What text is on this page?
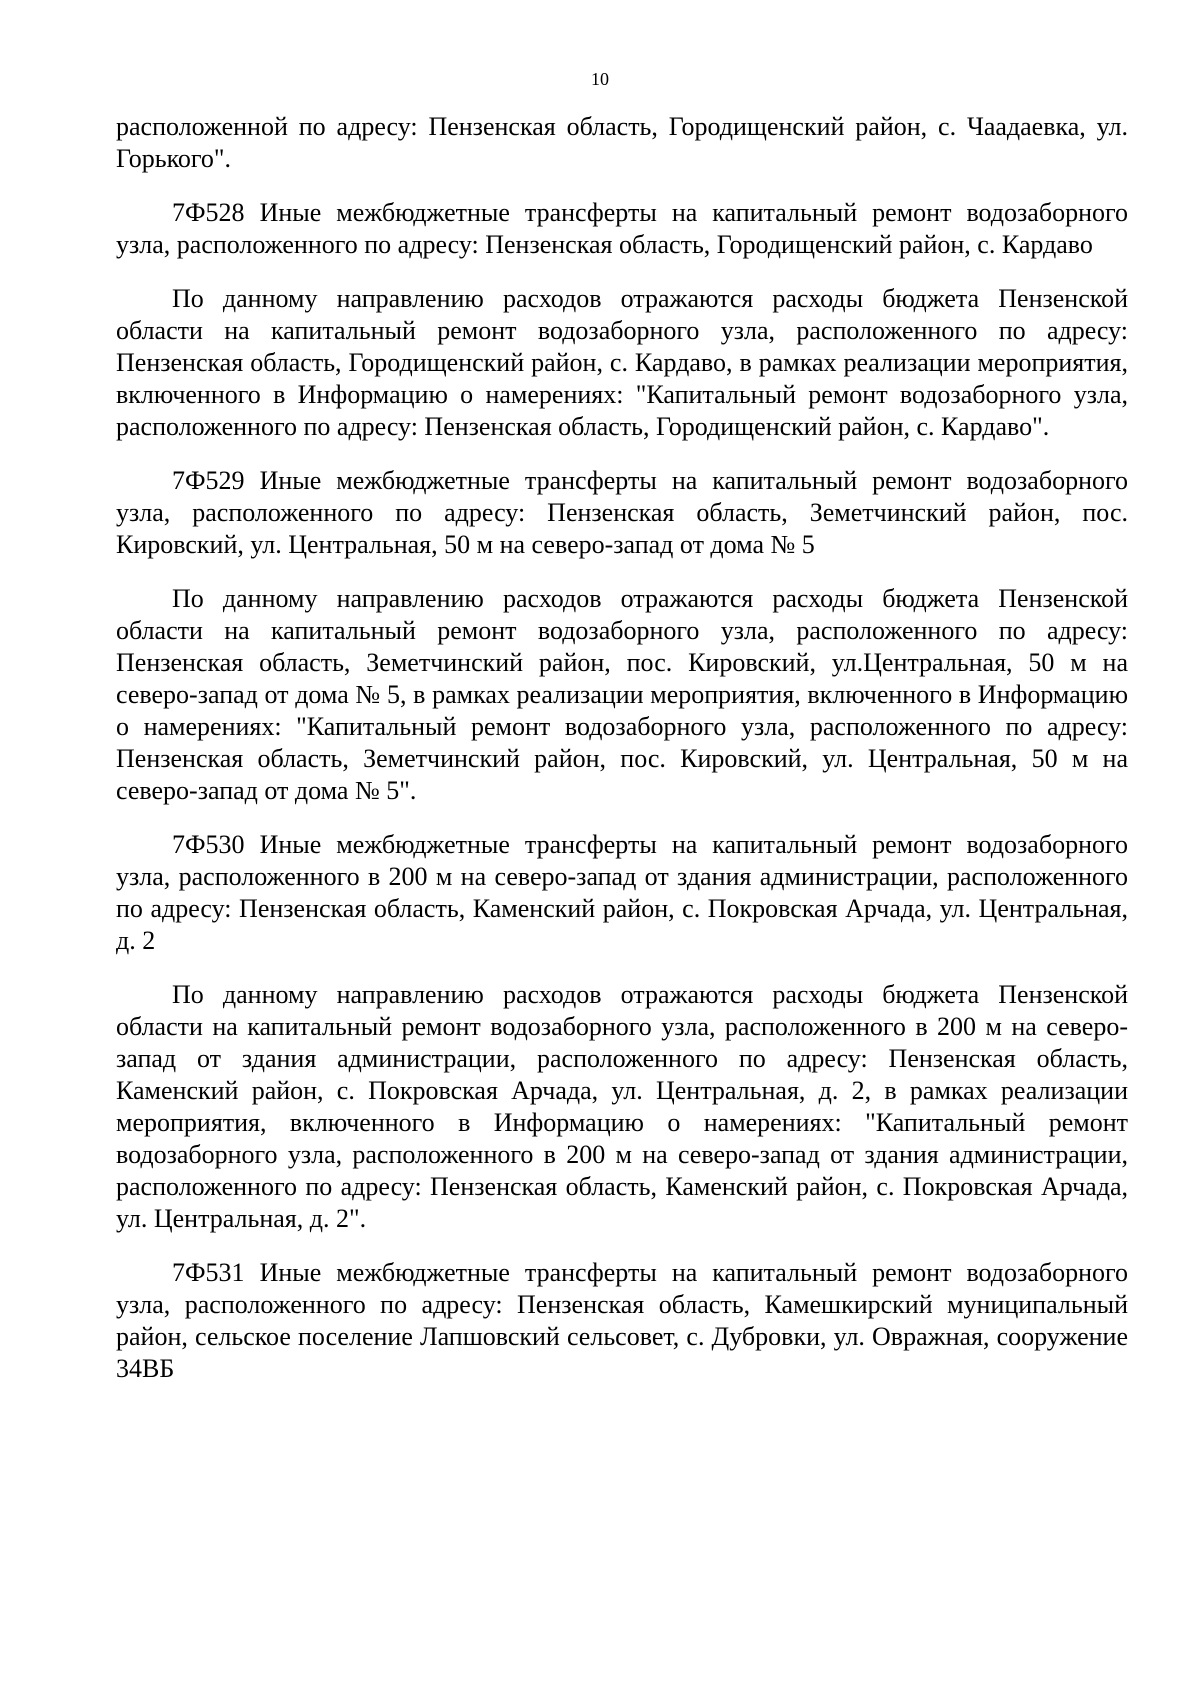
10

расположенной по адресу: Пензенская область, Городищенский район, с. Чаадаевка, ул. Горького".

7Ф528 Иные межбюджетные трансферты на капитальный ремонт водозаборного узла, расположенного по адресу: Пензенская область, Городищенский район, с. Кардаво

По данному направлению расходов отражаются расходы бюджета Пензенской области на капитальный ремонт водозаборного узла, расположенного по адресу: Пензенская область, Городищенский район, с. Кардаво, в рамках реализации мероприятия, включенного в Информацию о намерениях: "Капитальный ремонт водозаборного узла, расположенного по адресу: Пензенская область, Городищенский район, с. Кардаво".

7Ф529 Иные межбюджетные трансферты на капитальный ремонт водозаборного узла, расположенного по адресу: Пензенская область, Земетчинский район, пос. Кировский, ул. Центральная, 50 м на северо-запад от дома № 5

По данному направлению расходов отражаются расходы бюджета Пензенской области на капитальный ремонт водозаборного узла, расположенного по адресу: Пензенская область, Земетчинский район, пос. Кировский, ул.Центральная, 50 м на северо-запад от дома № 5, в рамках реализации мероприятия, включенного в Информацию о намерениях: "Капитальный ремонт водозаборного узла, расположенного по адресу: Пензенская область, Земетчинский район, пос. Кировский, ул. Центральная, 50 м на северо-запад от дома № 5".

7Ф530 Иные межбюджетные трансферты на капитальный ремонт водозаборного узла, расположенного в 200 м на северо-запад от здания администрации, расположенного по адресу: Пензенская область, Каменский район, с. Покровская Арчада, ул. Центральная, д. 2

По данному направлению расходов отражаются расходы бюджета Пензенской области на капитальный ремонт водозаборного узла, расположенного в 200 м на северо-запад от здания администрации, расположенного по адресу: Пензенская область, Каменский район, с. Покровская Арчада, ул. Центральная, д. 2, в рамках реализации мероприятия, включенного в Информацию о намерениях: "Капитальный ремонт водозаборного узла, расположенного в 200 м на северо-запад от здания администрации, расположенного по адресу: Пензенская область, Каменский район, с. Покровская Арчада, ул. Центральная, д. 2".

7Ф531 Иные межбюджетные трансферты на капитальный ремонт водозаборного узла, расположенного по адресу: Пензенская область, Камешкирский муниципальный район, сельское поселение Лапшовский сельсовет, с. Дубровки, ул. Овражная, сооружение 34ВБ
